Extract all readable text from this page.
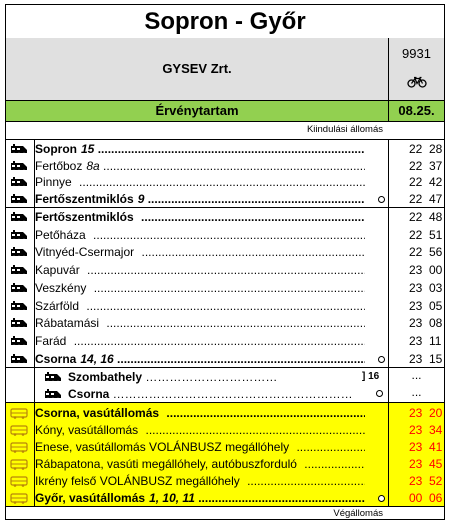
Sopron - Győr
GYSEV Zrt.
9931
Érvénytartam	08.25.
Kiindulási állomás
Szombathely ……………………………	] 16	...
Csorna ……………………………………………………	...
Végállomás
Sopron 15 .....	22 28
Fertőboz 8a .....	22 37
Pinnye .....	22 42
Fertőszentmiklós 9 .....	22 47
Fertőszentmiklós .....	22 48
Petőháza .....	22 51
Vitnyéd-Csermajor .....	22 56
Kapuvár .....	23 00
Veszkény .....	23 03
Szárföld .....	23 05
Rábatamási .....	23 08
Farád .....	23 11
Csorna 14, 16 .....	23 15
Csorna, vasútállomás .....	23 20
Kóny, vasútállomás .....	23 34
Enese, vasútállomás VOLÁNBUSZ megállóhely .....	23 41
Rábapatona, vasúti megállóhely, autóbuszforduló .....	23 45
Ikrény felső VOLÁNBUSZ megállóhely .....	23 52
Győr, vasútállomás 1, 10, 11 .....	00 06
